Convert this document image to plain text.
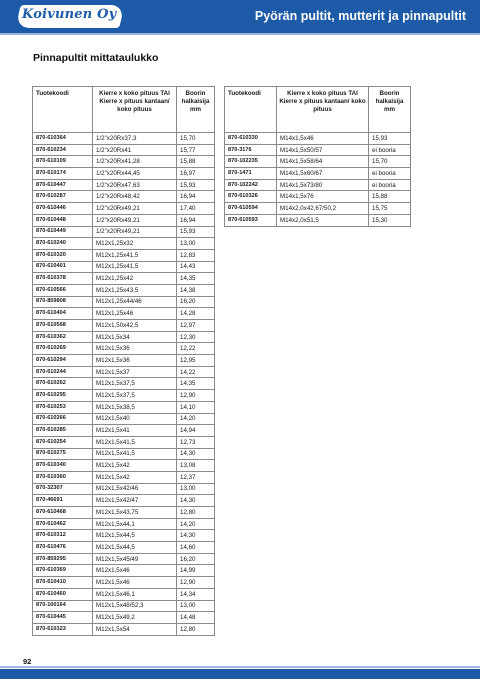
Koivunen Oy	Pyörän pultit, mutterit ja pinnapultit
Pinnapultit mittataulukko
Tuotekoodi	Kierre x koko pituus TAI Kierre x pituus kantaan/ koko pituus	Boorin halkaisija mm
870-610364	1/2"x20Rx37,3	15,70
870-610234	1/2"x20Rx41	15,77
870-610109	1/2"x20Rx41,28	15,88
870-610174	1/2"x20Rx44,45	16,97
870-610447	1/2"x20Rx47,63	15,93
870-610287	1/2"x20Rx48,42	16,94
870-610446	1/2"x20Rx49,21	17,40
870-610448	1/2"x20Rx49,21	16,94
870-610449	1/2"x20Rx49,21	15,93
870-610240	M12x1,25x32	13,00
870-610320	M12x1,25x41,5	12,83
870-610401	M12x1,25x41,5	14,43
870-610378	M12x1,25x42	14,35
870-610566	M12x1,25x43,5	14,38
870-859808	M12x1,25x44/46	16,20
870-610404	M12x1,25x46	14,28
870-610568	M12x1,50x42,5	12,97
870-610362	M12x1,5x34	12,30
870-610269	M12x1,5x36	12,22
870-610294	M12x1,5x36	12,95
870-610244	M12x1,5x37	14,22
870-610262	M12x1,5x37,5	14,35
870-610295	M12x1,5x37,5	12,90
870-610253	M12x1,5x38,5	14,10
870-610266	M12x1,5x40	14,20
870-610285	M12x1,5x41	14,94
870-610254	M12x1,5x41,5	12,73
870-610275	M12x1,5x41,5	14,30
870-610340	M12x1,5x42	13,08
870-610360	M12x1,5x42	12,37
870-32307	M12x1,5x42/46	13,00
870-46691	M12x1,5x42/47	14,30
870-610468	M12x1,5x43,75	12,80
870-610462	M12x1,5x44,1	14,20
870-610312	M12x1,5x44,5	14,30
870-610476	M12x1,5x44,5	14,60
870-859295	M12x1,5x45/49	16,20
870-610369	M12x1,5x46	14,99
870-610410	M12x1,5x46	12,90
870-610460	M12x1,5x46,1	14,34
870-100164	M12x1,5x48/52,3	13,00
870-610445	M12x1,5x49,2	14,48
870-610323	M12x1,5x54	12,80
Tuotekoodi	Kierre x koko pituus TAI Kierre x pituus kantaan/ koko pituus	Boorin halkaisija mm
870-610330	M14x1,5x46	15,93
870-3176	M14x1,5x50/57	ei booria
870-102235	M14x1,5x58/64	15,70
870-1471	M14x1,5x60/67	ei booria
870-102242	M14x1,5x73/80	ei booria
870-610326	M14x1,5x76	15,88
870-610594	M14x2,0x42,67/50,2	15,75
870-610593	M14x2,0x51,5	15,30
92
